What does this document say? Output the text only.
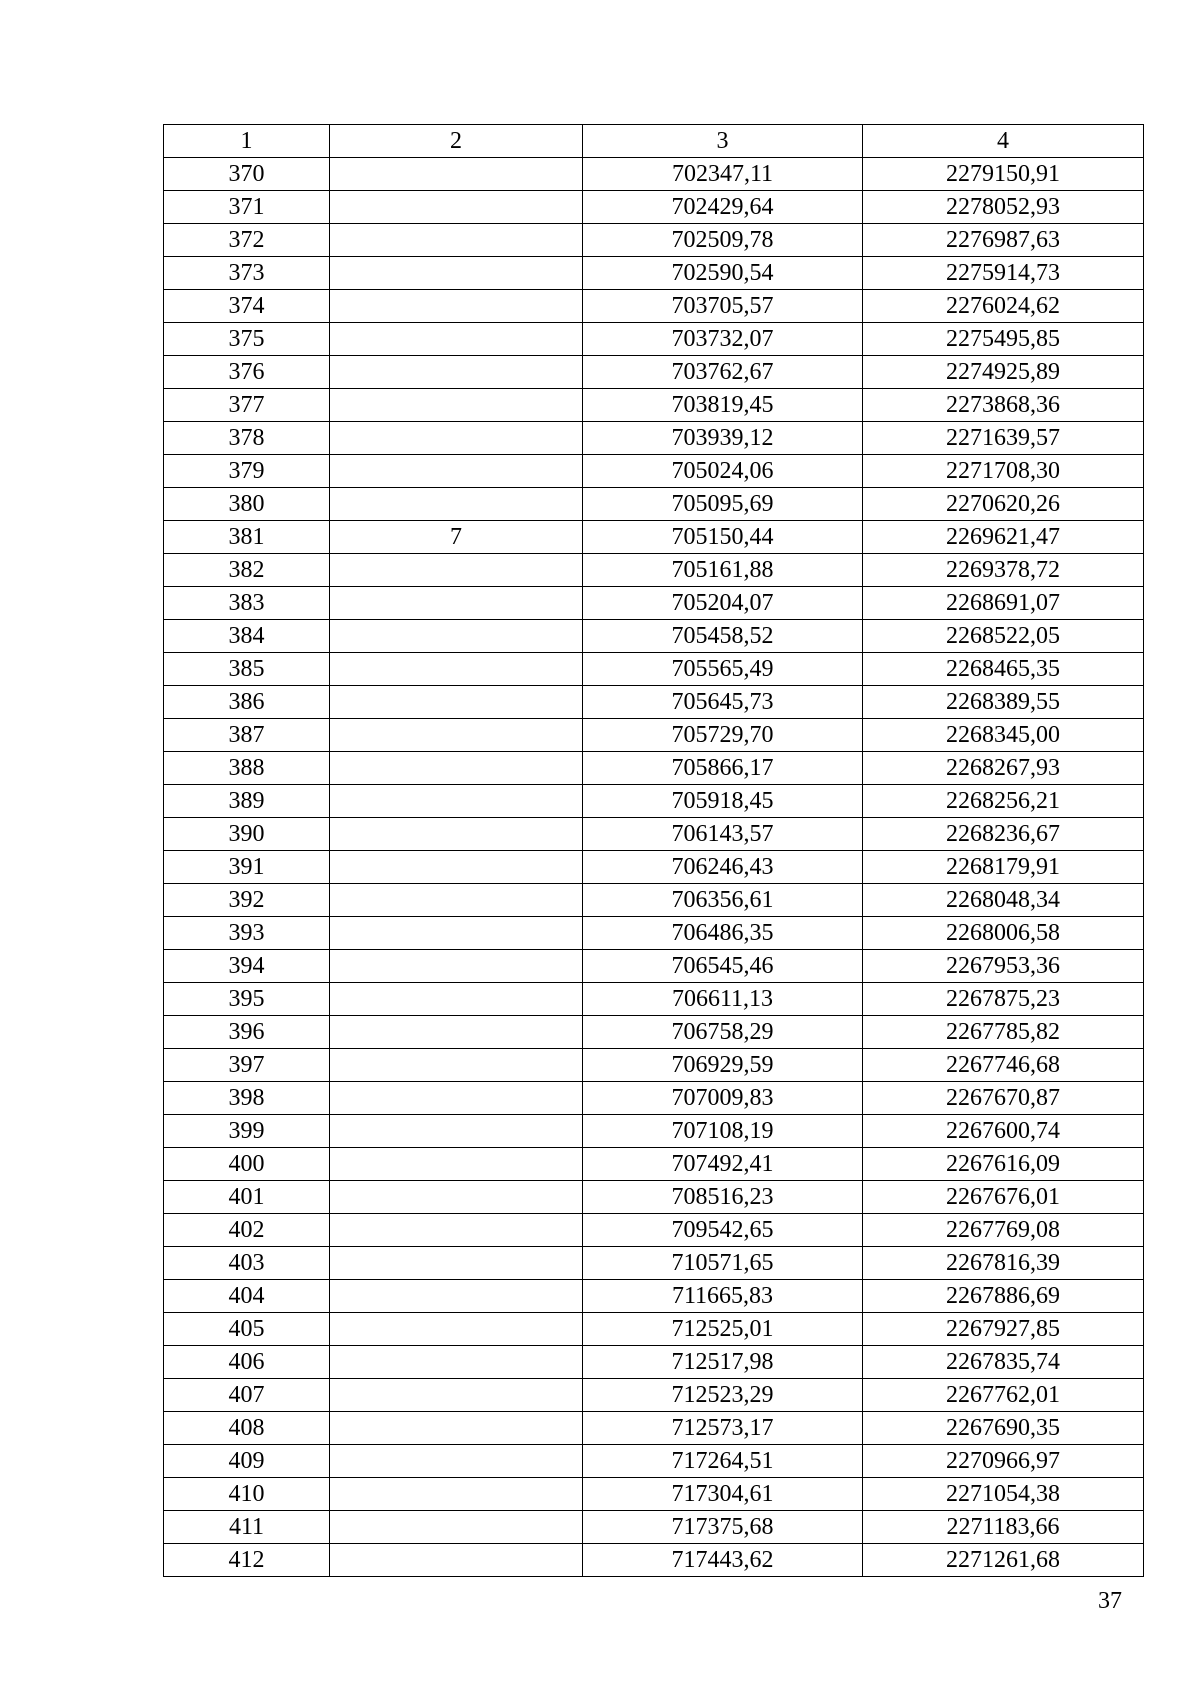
1	2	3	4
370		702347,11	2279150,91
371		702429,64	2278052,93
372		702509,78	2276987,63
373		702590,54	2275914,73
374		703705,57	2276024,62
375		703732,07	2275495,85
376		703762,67	2274925,89
377		703819,45	2273868,36
378		703939,12	2271639,57
379		705024,06	2271708,30
380		705095,69	2270620,26
381	7	705150,44	2269621,47
382		705161,88	2269378,72
383		705204,07	2268691,07
384		705458,52	2268522,05
385		705565,49	2268465,35
386		705645,73	2268389,55
387		705729,70	2268345,00
388		705866,17	2268267,93
389		705918,45	2268256,21
390		706143,57	2268236,67
391		706246,43	2268179,91
392		706356,61	2268048,34
393		706486,35	2268006,58
394		706545,46	2267953,36
395		706611,13	2267875,23
396		706758,29	2267785,82
397		706929,59	2267746,68
398		707009,83	2267670,87
399		707108,19	2267600,74
400		707492,41	2267616,09
401		708516,23	2267676,01
402		709542,65	2267769,08
403		710571,65	2267816,39
404		711665,83	2267886,69
405		712525,01	2267927,85
406		712517,98	2267835,74
407		712523,29	2267762,01
408		712573,17	2267690,35
409		717264,51	2270966,97
410		717304,61	2271054,38
411		717375,68	2271183,66
412		717443,62	2271261,68
37
